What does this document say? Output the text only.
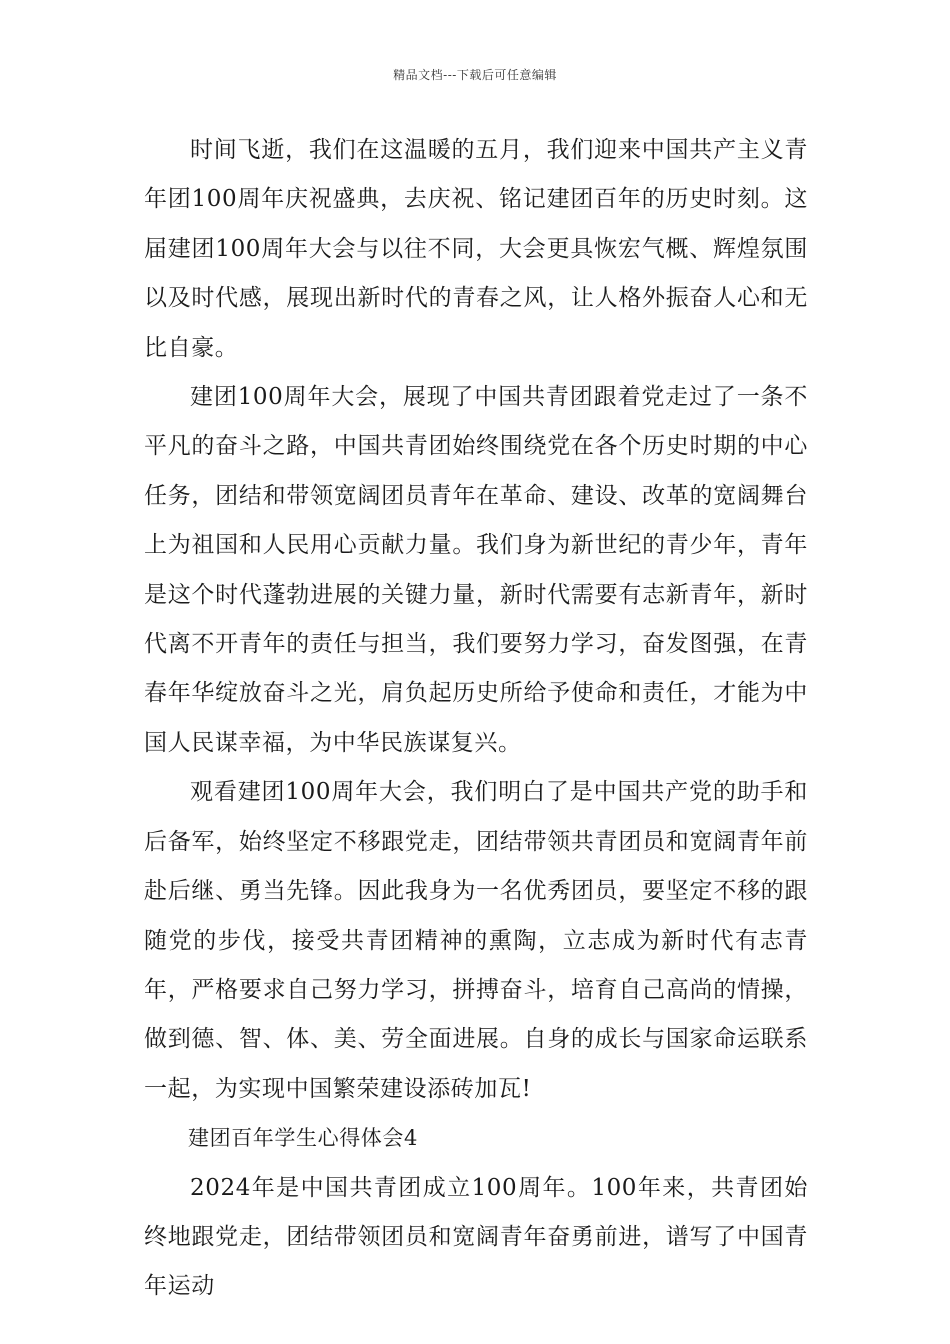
精品文档---下载后可任意编辑

时间飞逝，我们在这温暖的五月，我们迎来中国共产主义青年团100周年庆祝盛典，去庆祝、铭记建团百年的历史时刻。这届建团100周年大会与以往不同，大会更具恢宏气概、辉煌氛围以及时代感，展现出新时代的青春之风，让人格外振奋人心和无比自豪。

建团100周年大会，展现了中国共青团跟着党走过了一条不平凡的奋斗之路，中国共青团始终围绕党在各个历史时期的中心任务，团结和带领宽阔团员青年在革命、建设、改革的宽阔舞台上为祖国和人民用心贡献力量。我们身为新世纪的青少年，青年是这个时代蓬勃进展的关键力量，新时代需要有志新青年，新时代离不开青年的责任与担当，我们要努力学习，奋发图强，在青春年华绽放奋斗之光，肩负起历史所给予使命和责任，才能为中国人民谋幸福，为中华民族谋复兴。

观看建团100周年大会，我们明白了是中国共产党的助手和后备军，始终坚定不移跟党走，团结带领共青团员和宽阔青年前赴后继、勇当先锋。因此我身为一名优秀团员，要坚定不移的跟随党的步伐，接受共青团精神的熏陶，立志成为新时代有志青年，严格要求自己努力学习，拼搏奋斗，培育自己高尚的情操，做到德、智、体、美、劳全面进展。自身的成长与国家命运联系一起，为实现中国繁荣建设添砖加瓦!

建团百年学生心得体会4

2024年是中国共青团成立100周年。100年来，共青团始终地跟党走，团结带领团员和宽阔青年奋勇前进，谱写了中国青年运动
